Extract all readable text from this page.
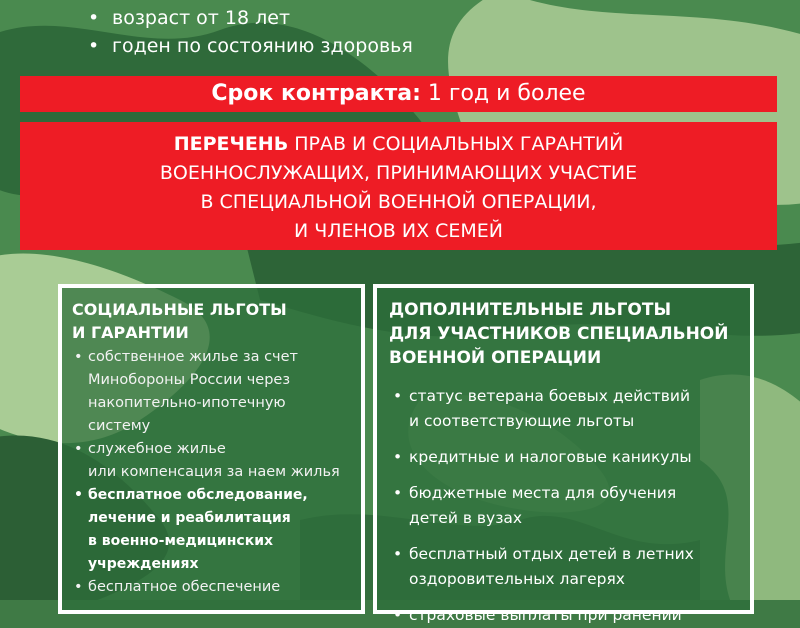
• возраст от 18 лет
• годен по состоянию здоровья
Срок контракта: 1 год и более
ПЕРЕЧЕНЬ ПРАВ И СОЦИАЛЬНЫХ ГАРАНТИЙ
ВОЕННОСЛУЖАЩИХ, ПРИНИМАЮЩИХ УЧАСТИЕ
В СПЕЦИАЛЬНОЙ ВОЕННОЙ ОПЕРАЦИИ,
И ЧЛЕНОВ ИХ СЕМЕЙ
СОЦИАЛЬНЫЕ ЛЬГОТЫ
И ГАРАНТИИ
• собственное жилье за счет
Минобороны России через
накопительно-ипотечную
систему
• служебное жилье
или компенсация за наем жилья
• бесплатное обследование,
лечение и реабилитация
в военно-медицинских
учреждениях
• бесплатное обеспечение
ДОПОЛНИТЕЛЬНЫЕ ЛЬГОТЫ
ДЛЯ УЧАСТНИКОВ СПЕЦИАЛЬНОЙ
ВОЕННОЙ ОПЕРАЦИИ
• статус ветерана боевых действий
и соответствующие льготы
• кредитные и налоговые каникулы
• бюджетные места для обучения
детей в вузах
• бесплатный отдых детей в летних
оздоровительных лагерях
• страховые выплаты при ранении
